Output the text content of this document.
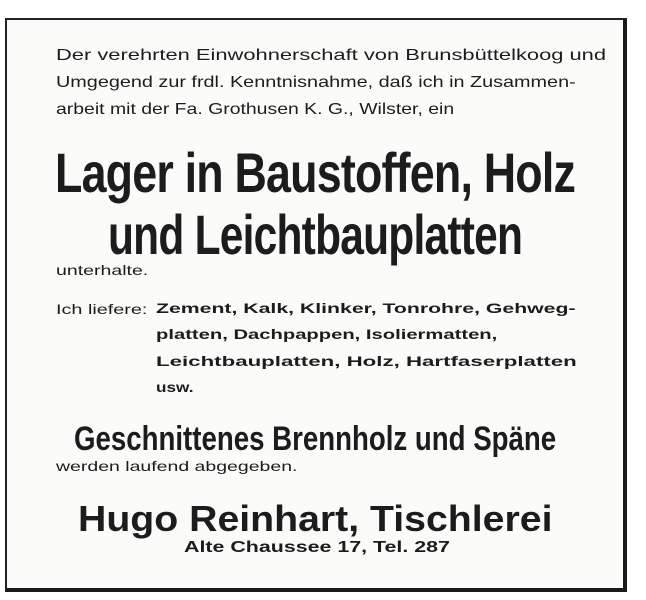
Der verehrten Einwohnerschaft von Brunsbüttelkoog und
Umgegend zur frdl. Kenntnisnahme, daß ich in Zusammen-
arbeit mit der Fa. Grothusen K. G., Wilster, ein
Lager in Baustoffen, Holz
und Leichtbauplatten
unterhalte.
Ich liefere: Zement, Kalk, Klinker, Tonrohre, Gehweg-
platten, Dachpappen, Isoliermatten,
Leichtbauplatten, Holz, Hartfaserplatten
usw.
Geschnittenes Brennholz und Späne
werden laufend abgegeben.
Hugo Reinhart, Tischlerei
Alte Chaussee 17, Tel. 287
